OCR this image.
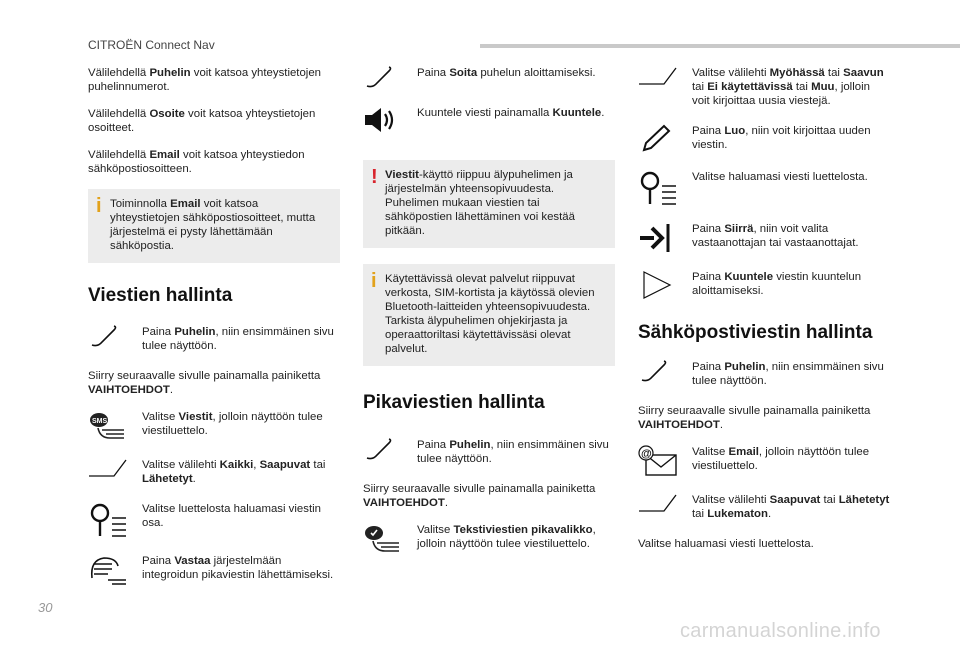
CITROËN Connect Nav

Välilehdellä Puhelin voit katsoa yhteystietojen puhelinnumerot.

Välilehdellä Osoite voit katsoa yhteystietojen osoitteet.

Välilehdellä Email voit katsoa yhteystiedon sähköpostiosoitteen.

i Toiminnolla Email voit katsoa yhteystietojen sähköpostiosoitteet, mutta järjestelmä ei pysty lähettämään sähköpostia.
Viestien hallinta
Paina Puhelin, niin ensimmäinen sivu tulee näyttöön.

Siirry seuraavalle sivulle painamalla painiketta VAIHTOEHDOT.

SMS	Valitse Viestit, jolloin näyttöön tulee viestiluettelo.
Valitse välilehti Kaikki, Saapuvat tai Lähetetyt.
Valitse luettelosta haluamasi viestin osa.
Paina Vastaa järjestelmään integroidun pikaviestin lähettämiseksi.
Paina Soita puhelun aloittamiseksi.
Kuuntele viesti painamalla Kuuntele.
! Viestit-käyttö riippuu älypuhelimen ja järjestelmän yhteensopivuudesta. Puhelimen mukaan viestien tai sähköpostien lähettäminen voi kestää pitkään.
i Käytettävissä olevat palvelut riippuvat verkosta, SIM-kortista ja käytössä olevien Bluetooth-laitteiden yhteensopivuudesta. Tarkista älypuhelimen ohjekirjasta ja operaattoriltasi käytettävissäsi olevat palvelut.
Pikaviestien hallinta
Paina Puhelin, niin ensimmäinen sivu tulee näyttöön.

Siirry seuraavalle sivulle painamalla painiketta VAIHTOEHDOT.

Valitse Tekstiviestien pikavalikko, jolloin näyttöön tulee viestiluettelo.
Valitse välilehti Myöhässä tai Saavun tai Ei käytettävissä tai Muu, jolloin voit kirjoittaa uusia viestejä.
Paina Luo, niin voit kirjoittaa uuden viestin.
Valitse haluamasi viesti luettelosta.
Paina Siirrä, niin voit valita vastaanottajan tai vastaanottajat.
Paina Kuuntele viestin kuuntelun aloittamiseksi.
Sähköpostiviestin hallinta
Paina Puhelin, niin ensimmäinen sivu tulee näyttöön.

Siirry seuraavalle sivulle painamalla painiketta VAIHTOEHDOT.

@	Valitse Email, jolloin näyttöön tulee viestiluettelo.
Valitse välilehti Saapuvat tai Lähetetyt tai Lukematon.

Valitse haluamasi viesti luettelosta.

30
carmanualsonline.info
